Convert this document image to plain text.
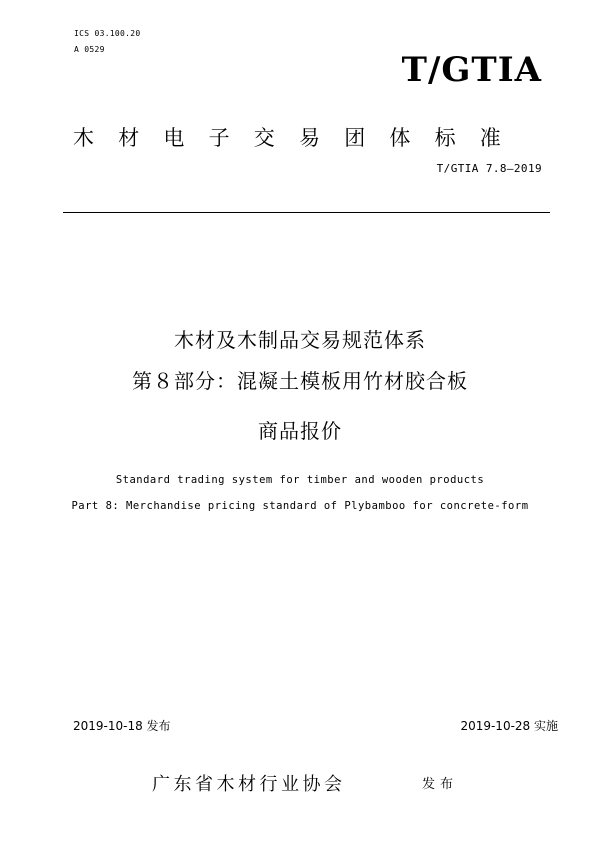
ICS 03.100.20
A 0529
T/GTIA
木材电子交易团体标准
T/GTIA 7.8—2019
木材及木制品交易规范体系
第８部分：混凝土模板用竹材胶合板
商品报价
Standard trading system for timber and wooden products
Part 8: Merchandise pricing standard of Plybamboo for concrete-form
2019-10-18 发布	2019-10-28 实施
广东省木材行业协会	发布
